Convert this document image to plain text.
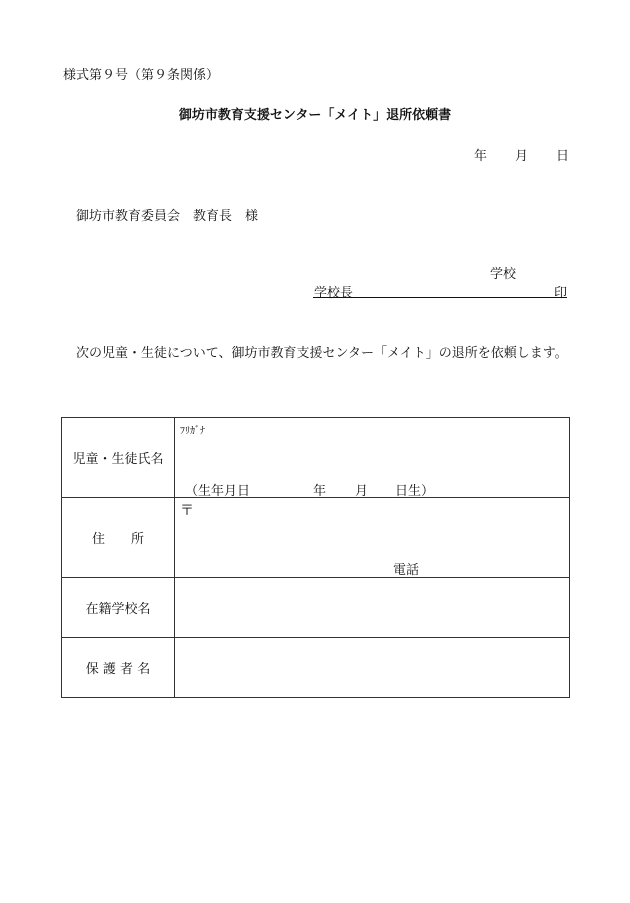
様式第９号（第９条関係）
御坊市教育支援センター「メイト」退所依頼書
年 月 日
御坊市教育委員会　教育長　様
学校
学校長	印
次の児童・生徒について、御坊市教育支援センター「メイト」の退所を依頼します。
児童・生徒氏名	ﾌﾘｶﾞﾅ
（生年月日 年 月 日生）

住　　所	〒
電話

在籍学校名	
保 護 者 名	
